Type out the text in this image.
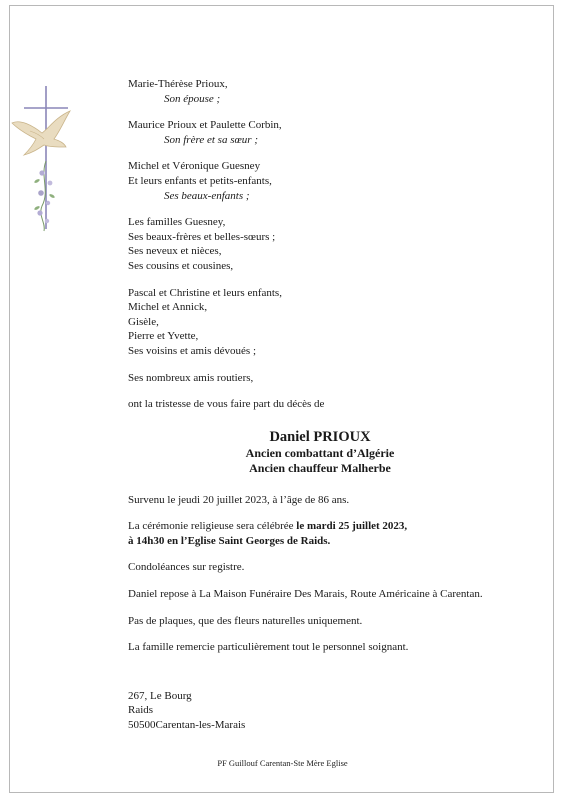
Marie-Thérèse Prioux,
Son épouse ;
Maurice Prioux et Paulette Corbin,
Son frère et sa sœur ;
Michel et Véronique Guesney
Et leurs enfants et petits-enfants,
Ses beaux-enfants ;
Les familles Guesney,
Ses beaux-frères et belles-sœurs ;
Ses neveux et nièces,
Ses cousins et cousines,
Pascal et Christine et leurs enfants,
Michel et Annick,
Gisèle,
Pierre et Yvette,
Ses voisins et amis dévoués ;
Ses nombreux amis routiers,
ont la tristesse de vous faire part du décès de
Daniel PRIOUX
Ancien combattant d’Algérie
Ancien chauffeur Malherbe
Survenu le jeudi 20 juillet 2023, à l’âge de 86 ans.
La cérémonie religieuse sera célébrée le mardi 25 juillet 2023,
à 14h30 en l’Eglise Saint Georges de Raids.
Condoléances sur registre.
Daniel repose à La Maison Funéraire Des Marais, Route Américaine à Carentan.
Pas de plaques, que des fleurs naturelles uniquement.
La famille remercie particulièrement tout le personnel soignant.
267, Le Bourg
Raids
50500Carentan-les-Marais
PF Guillouf Carentan-Ste Mère Eglise
